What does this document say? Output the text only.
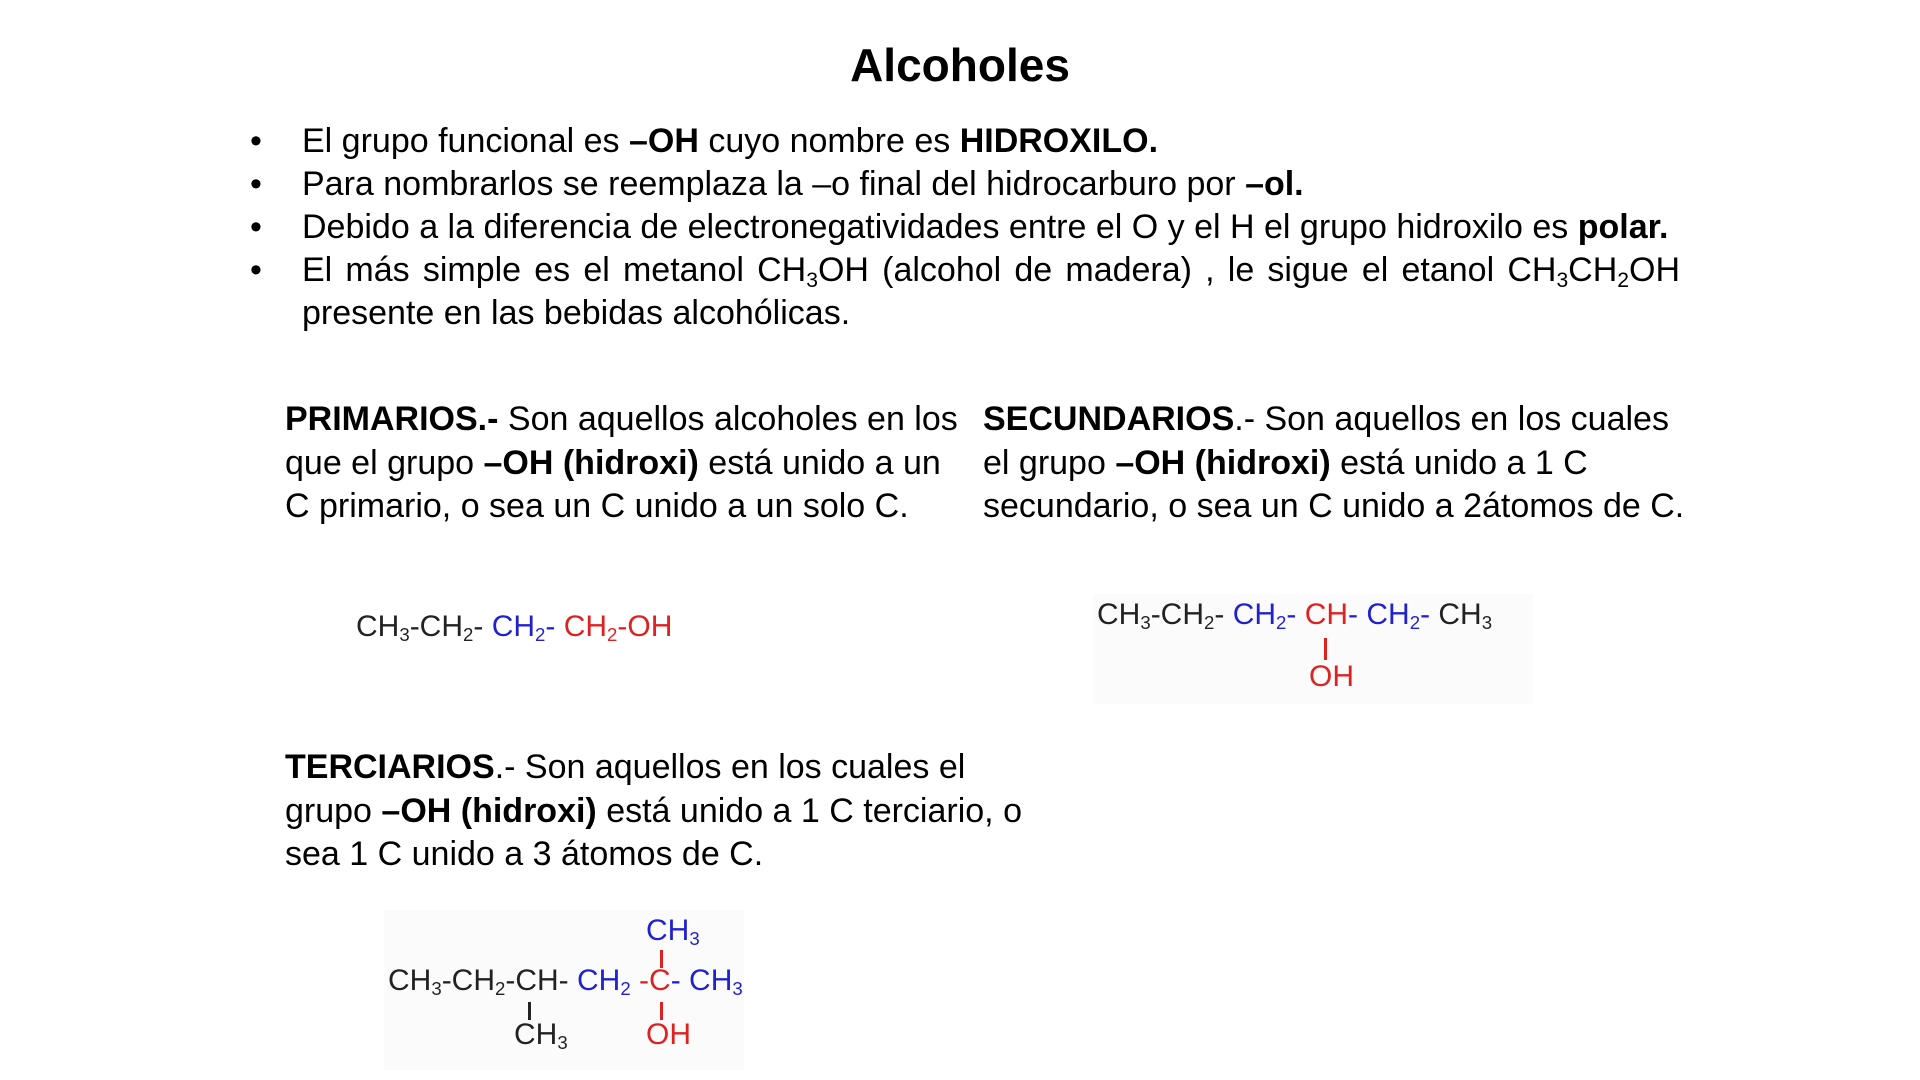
Alcoholes
• El grupo funcional es –OH cuyo nombre es HIDROXILO.
• Para nombrarlos se reemplaza la –o final del hidrocarburo por –ol.
• Debido a la diferencia de electronegatividades entre el O y el H el grupo hidroxilo es polar.
• El más simple es el metanol $CH_3OH$ (alcohol de madera) , le sigue el etanol $CH_3CH_2OH$ presente en las bebidas alcohólicas.
PRIMARIOS.- Son aquellos alcoholes en los que el grupo –OH (hidroxi) está unido a un C primario, o sea un C unido a un solo C.
SECUNDARIOS.- Son aquellos en los cuales el grupo –OH (hidroxi) está unido a 1 C secundario, o sea un C unido a 2átomos de C.
TERCIARIOS.- Son aquellos en los cuales el grupo –OH (hidroxi) está unido a 1 C terciario, o sea 1 C unido a 3 átomos de C.
$CH_3-CH_2-$ $CH_2-$ $CH_2-OH$	$CH_3-CH_2-$ $CH_2-$ CH- $CH_2-$ $CH_3$
OH
$CH_3$
$CH_3-CH_2-CH-$ $CH_2$ -C- $CH_3$
$CH_3$	OH
